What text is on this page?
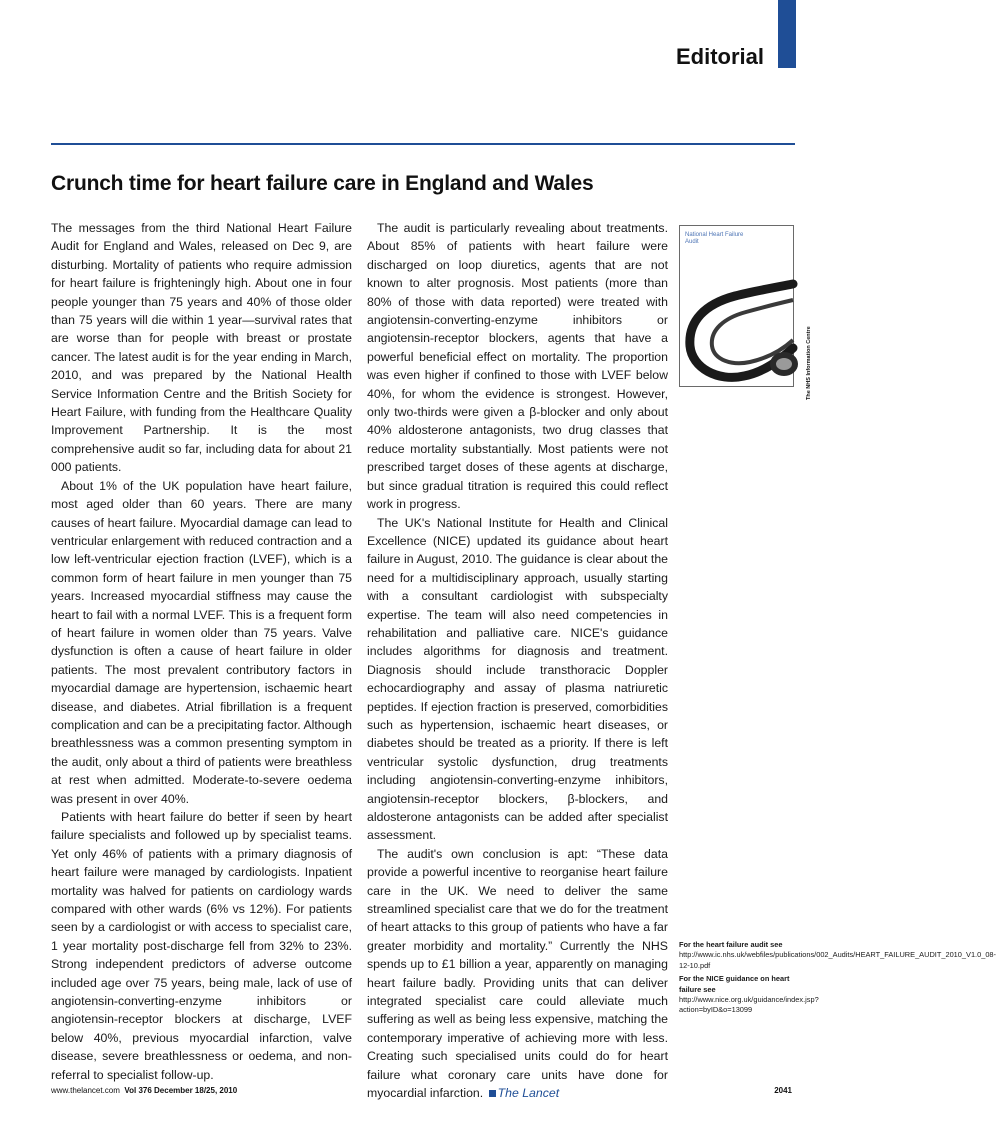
Editorial
Crunch time for heart failure care in England and Wales

The messages from the third National Heart Failure Audit for England and Wales, released on Dec 9, are disturbing. Mortality of patients who require admission for heart failure is frighteningly high. About one in four people younger than 75 years and 40% of those older than 75 years will die within 1 year—survival rates that are worse than for people with breast or prostate cancer. The latest audit is for the year ending in March, 2010, and was prepared by the National Health Service Information Centre and the British Society for Heart Failure, with funding from the Healthcare Quality Improvement Partnership. It is the most comprehensive audit so far, including data for about 21 000 patients.

About 1% of the UK population have heart failure, most aged older than 60 years. There are many causes of heart failure. Myocardial damage can lead to ventricular enlargement with reduced contraction and a low left-ventricular ejection fraction (LVEF), which is a common form of heart failure in men younger than 75 years. Increased myocardial stiffness may cause the heart to fail with a normal LVEF. This is a frequent form of heart failure in women older than 75 years. Valve dysfunction is often a cause of heart failure in older patients. The most prevalent contributory factors in myocardial damage are hypertension, ischaemic heart disease, and diabetes. Atrial fibrillation is a frequent complication and can be a precipitating factor. Although breathlessness was a common presenting symptom in the audit, only about a third of patients were breathless at rest when admitted. Moderate-to-severe oedema was present in over 40%.

Patients with heart failure do better if seen by heart failure specialists and followed up by specialist teams. Yet only 46% of patients with a primary diagnosis of heart failure were managed by cardiologists. Inpatient mortality was halved for patients on cardiology wards compared with other wards (6% vs 12%). For patients seen by a cardiologist or with access to specialist care, 1 year mortality post-discharge fell from 32% to 23%. Strong independent predictors of adverse outcome included age over 75 years, being male, lack of use of angiotensin-converting-enzyme inhibitors or angiotensin-receptor blockers at discharge, LVEF below 40%, previous myocardial infarction, valve disease, severe breathlessness or oedema, and non-referral to specialist follow-up.

The audit is particularly revealing about treatments. About 85% of patients with heart failure were discharged on loop diuretics, agents that are not known to alter prognosis. Most patients (more than 80% of those with data reported) were treated with angiotensin-converting-enzyme inhibitors or angiotensin-receptor blockers, agents that have a powerful beneficial effect on mortality. The proportion was even higher if confined to those with LVEF below 40%, for whom the evidence is strongest. However, only two-thirds were given a β-blocker and only about 40% aldosterone antagonists, two drug classes that reduce mortality substantially. Most patients were not prescribed target doses of these agents at discharge, but since gradual titration is required this could reflect work in progress.

The UK's National Institute for Health and Clinical Excellence (NICE) updated its guidance about heart failure in August, 2010. The guidance is clear about the need for a multidisciplinary approach, usually starting with a consultant cardiologist with subspecialty expertise. The team will also need competencies in rehabilitation and palliative care. NICE's guidance includes algorithms for diagnosis and treatment. Diagnosis should include transthoracic Doppler echocardiography and assay of plasma natriuretic peptides. If ejection fraction is preserved, comorbidities such as hypertension, ischaemic heart diseases, or diabetes should be treated as a priority. If there is left ventricular systolic dysfunction, drug treatments including angiotensin-converting-enzyme inhibitors, angiotensin-receptor blockers, β-blockers, and aldosterone antagonists can be added after specialist assessment.

The audit's own conclusion is apt: “These data provide a powerful incentive to reorganise heart failure care in the UK. We need to deliver the same streamlined specialist care that we do for the treatment of heart attacks to this group of patients who have a far greater morbidity and mortality.” Currently the NHS spends up to £1 billion a year, apparently on managing heart failure badly. Providing units that can deliver integrated specialist care could alleviate much suffering as well as being less expensive, matching the contemporary imperative of achieving more with less. Creating such specialised units could do for heart failure what coronary care units have done for myocardial infarction. The Lancet

National Heart Failure Audit
The NHS Information Centre

For the heart failure audit see http://www.ic.nhs.uk/webfiles/publications/002_Audits/HEART_FAILURE_AUDIT_2010_V1.0_08-12-10.pdf

For the NICE guidance on heart failure see http://www.nice.org.uk/guidance/index.jsp?action=byID&o=13099

www.thelancet.com Vol 376 December 18/25, 2010	2041
